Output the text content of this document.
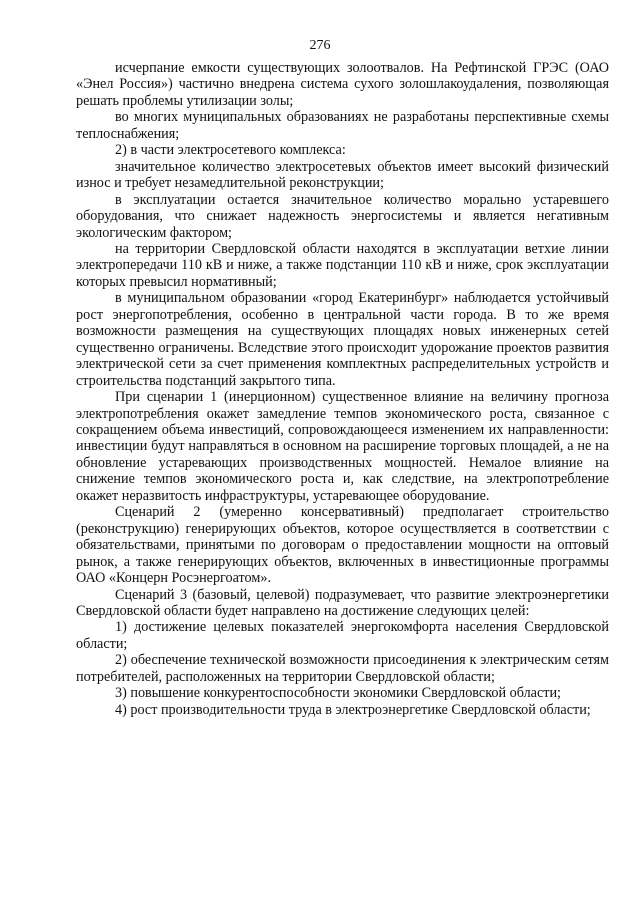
276

исчерпание емкости существующих золоотвалов. На Рефтинской ГРЭС (ОАО «Энел Россия») частично внедрена система сухого золошлакоудаления, позволяющая решать проблемы утилизации золы;

во многих муниципальных образованиях не разработаны перспективные схемы теплоснабжения;

2) в части электросетевого комплекса:

значительное количество электросетевых объектов имеет высокий физический износ и требует незамедлительной реконструкции;

в эксплуатации остается значительное количество морально устаревшего оборудования, что снижает надежность энергосистемы и является негативным экологическим фактором;

на территории Свердловской области находятся в эксплуатации ветхие линии электропередачи 110 кВ и ниже, а также подстанции 110 кВ и ниже, срок эксплуатации которых превысил нормативный;

в муниципальном образовании «город Екатеринбург» наблюдается устойчивый рост энергопотребления, особенно в центральной части города. В то же время возможности размещения на существующих площадях новых инженерных сетей существенно ограничены. Вследствие этого происходит удорожание проектов развития электрической сети за счет применения комплектных распределительных устройств и строительства подстанций закрытого типа.

При сценарии 1 (инерционном) существенное влияние на величину прогноза электропотребления окажет замедление темпов экономического роста, связанное с сокращением объема инвестиций, сопровождающееся изменением их направленности: инвестиции будут направляться в основном на расширение торговых площадей, а не на обновление устаревающих производственных мощностей. Немалое влияние на снижение темпов экономического роста и, как следствие, на электропотребление окажет неразвитость инфраструктуры, устаревающее оборудование.

Сценарий 2 (умеренно консервативный) предполагает строительство (реконструкцию) генерирующих объектов, которое осуществляется в соответствии с обязательствами, принятыми по договорам о предоставлении мощности на оптовый рынок, а также генерирующих объектов, включенных в инвестиционные программы ОАО «Концерн Росэнергоатом».

Сценарий 3 (базовый, целевой) подразумевает, что развитие электроэнергетики Свердловской области будет направлено на достижение следующих целей:

1) достижение целевых показателей энергокомфорта населения Свердловской области;

2) обеспечение технической возможности присоединения к электрическим сетям потребителей, расположенных на территории Свердловской области;

3) повышение конкурентоспособности экономики Свердловской области;

4) рост производительности труда в электроэнергетике Свердловской области;
